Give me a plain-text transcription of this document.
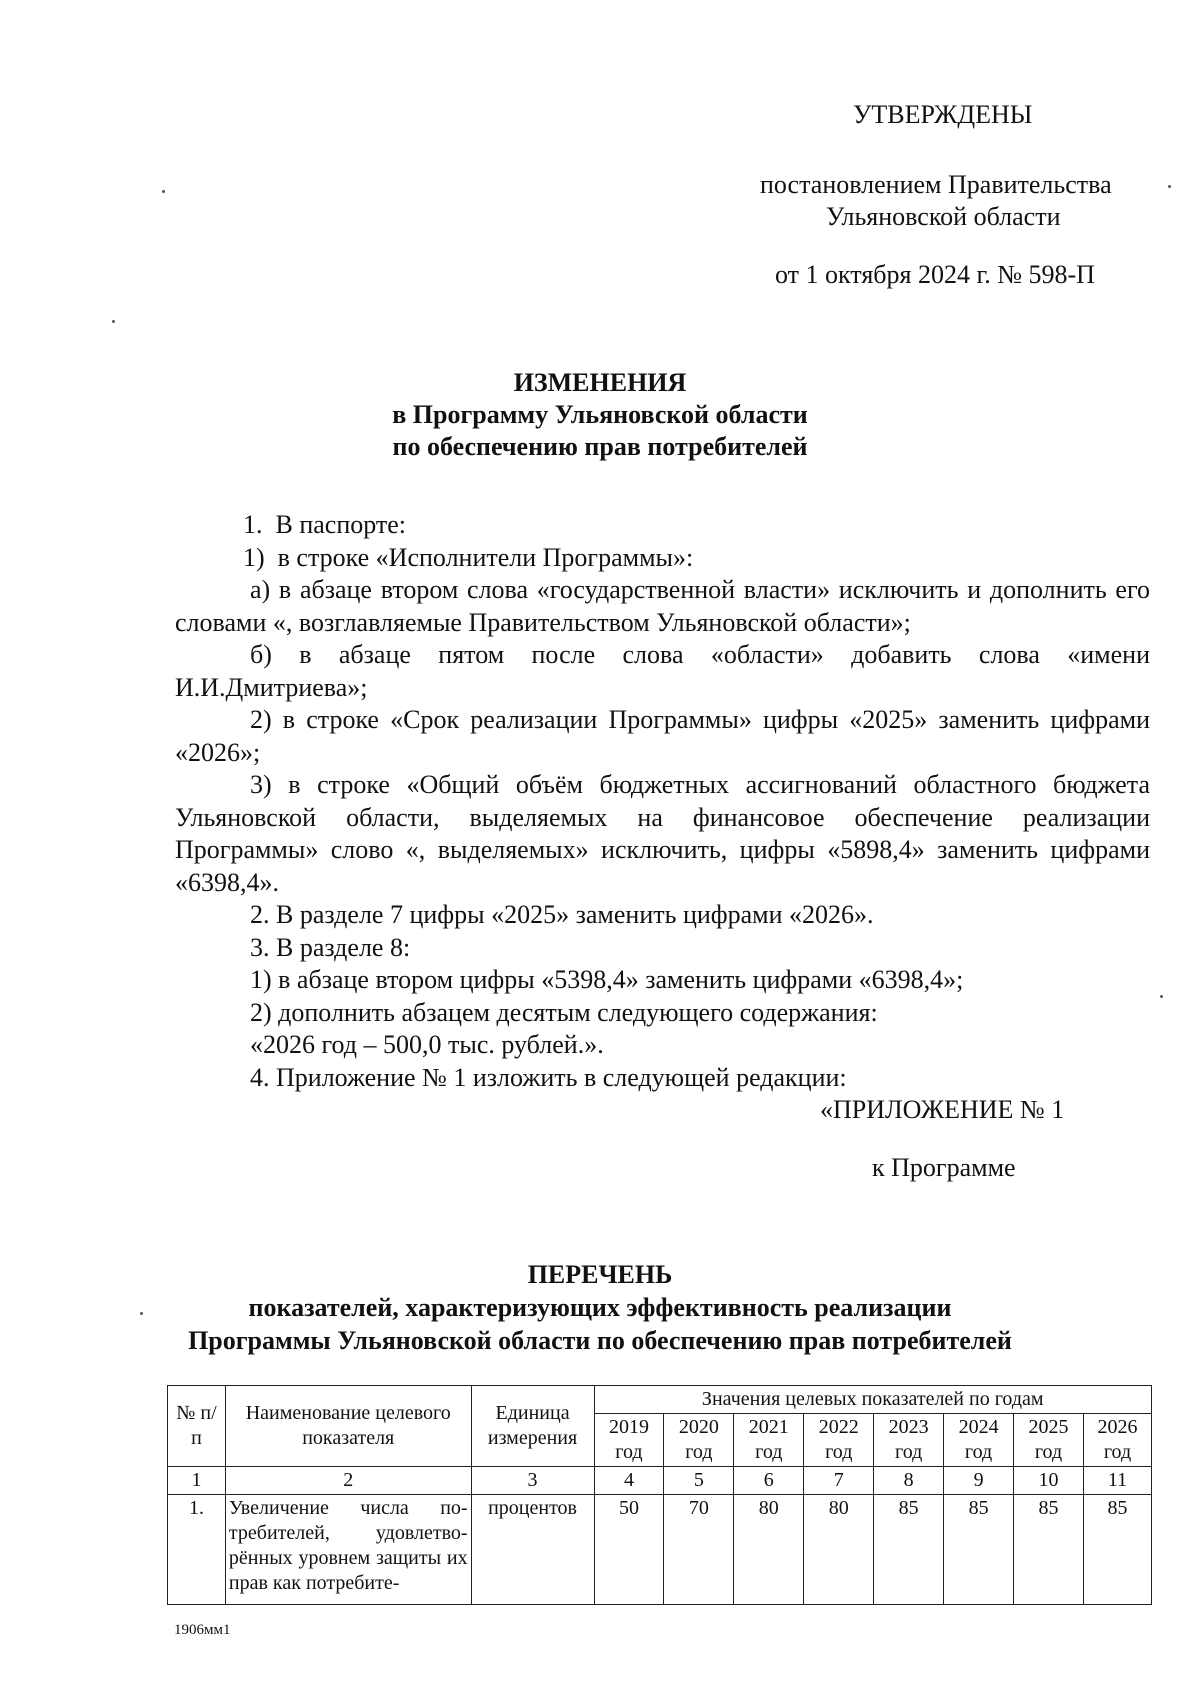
УТВЕРЖДЕНЫ
постановлением Правительства
Ульяновской области
от 1 октября 2024 г. № 598-П
ИЗМЕНЕНИЯ
в Программу Ульяновской области
по обеспечению прав потребителей

1.  В паспорте:

1)  в строке «Исполнители Программы»:

а) в абзаце втором слова «государственной власти» исключить и дополнить его словами «, возглавляемые Правительством Ульяновской области»;

б) в абзаце пятом после слова «области» добавить слова «имени И.И.Дмитриева»;

2) в строке «Срок реализации Программы» цифры «2025» заменить цифрами «2026»;

3) в строке «Общий объём бюджетных ассигнований областного бюджета Ульяновской области, выделяемых на финансовое обеспечение реализации Программы» слово «, выделяемых» исключить, цифры «5898,4» заменить цифрами «6398,4».

2. В разделе 7 цифры «2025» заменить цифрами «2026».

3. В разделе 8:

1) в абзаце втором цифры «5398,4» заменить цифрами «6398,4»;

2) дополнить абзацем десятым следующего содержания:

«2026 год – 500,0 тыс. рублей.».

4. Приложение № 1 изложить в следующей редакции:

«ПРИЛОЖЕНИЕ № 1
к Программе
ПЕРЕЧЕНЬ
показателей, характеризующих эффективность реализации
Программы Ульяновской области по обеспечению прав потребителей
№ п/п	Наименование целевого показателя	Единица измерения	Значения целевых показателей по годам							
			2019 год	2020 год	2021 год	2022 год	2023 год	2024 год	2025 год	2026 год
1	2	3	4	5	6	7	8	9	10	11
1.	Увеличение числа по-требителей, удовлетво-рённых уровнем защиты их прав как потребите-	процентов	50	70	80	80	85	85	85	85
1906мм1
